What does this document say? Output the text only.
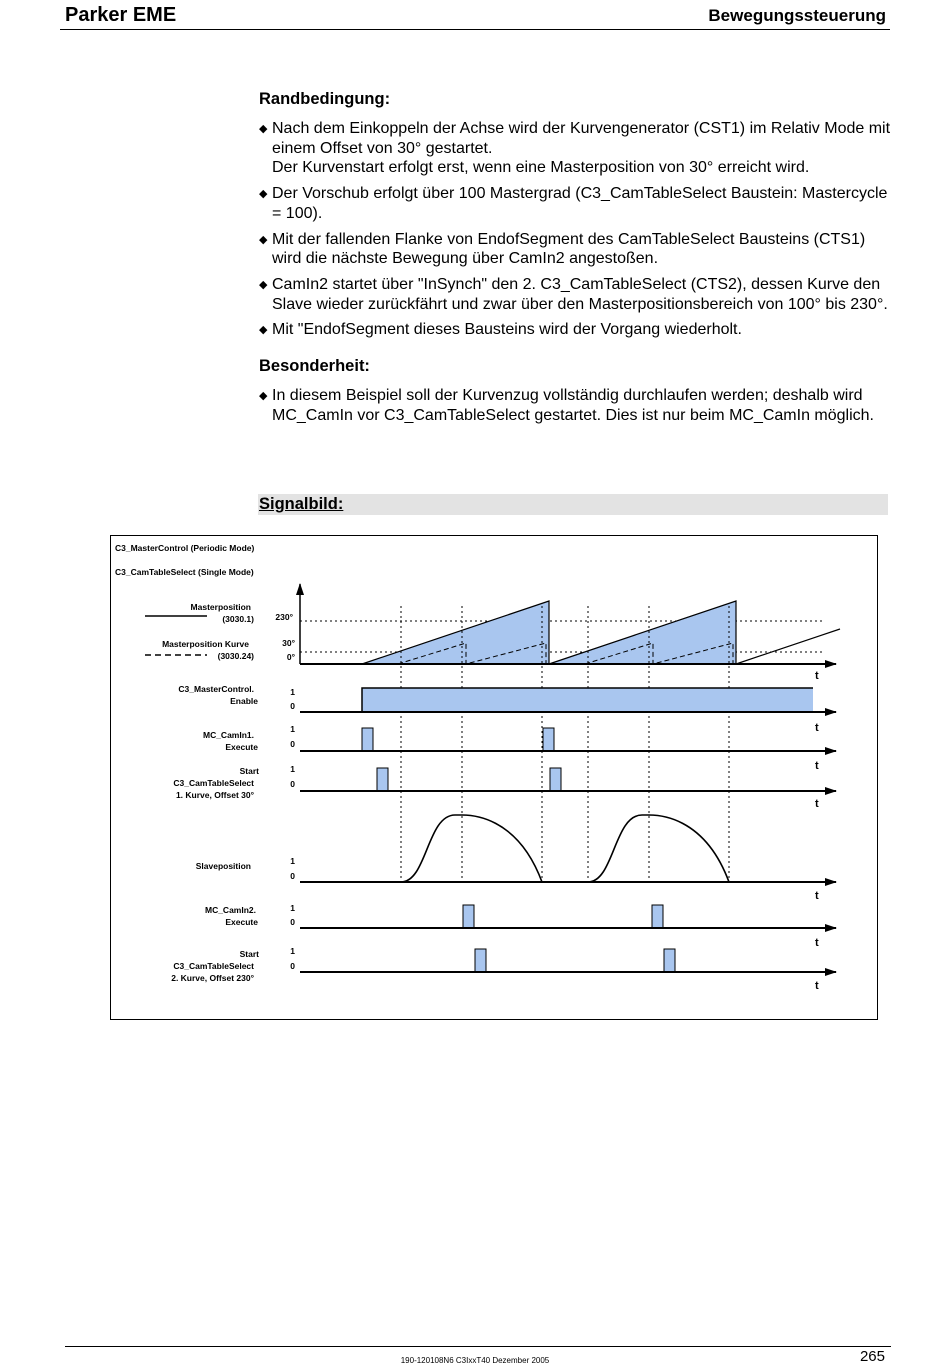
Parker EME	Bewegungssteuerung
Randbedingung:
◆ Nach dem Einkoppeln der Achse wird der Kurvengenerator (CST1) im Relativ Mode mit einem Offset von 30° gestartet.
Der Kurvenstart erfolgt erst, wenn eine Masterposition von 30° erreicht wird.
◆ Der Vorschub erfolgt über 100 Mastergrad (C3_CamTableSelect Baustein: Mastercycle = 100).
◆ Mit der fallenden Flanke von EndofSegment des CamTableSelect Bausteins (CTS1) wird die nächste Bewegung über CamIn2 angestoßen.
◆ CamIn2 startet über "InSynch" den 2. C3_CamTableSelect (CTS2), dessen Kurve den Slave wieder zurückfährt und zwar über den Masterpositionsbereich von 100° bis 230°.
◆ Mit "EndofSegment dieses Bausteins wird der Vorgang wiederholt.
Besonderheit:
◆ In diesem Beispiel soll der Kurvenzug vollständig durchlaufen werden; deshalb wird MC_CamIn vor C3_CamTableSelect gestartet. Dies ist nur beim MC_CamIn möglich.
Signalbild:
C3_MasterControl (Periodic Mode)
C3_CamTableSelect (Single Mode)
Masterposition
(3030.1)
Masterposition Kurve
(3030.24)
C3_MasterControl.
Enable
MC_CamIn1.
Execute
Start
C3_CamTableSelect
1. Kurve, Offset 30°
Slaveposition
MC_CamIn2.
Execute
Start
C3_CamTableSelect
2. Kurve, Offset 230°
230°
30°
0°
1
0
1
0
1
0
1
0
1
0
1
0
t
t
t
t
t
t
t
190-120108N6 C3IxxT40 Dezember 2005	265
